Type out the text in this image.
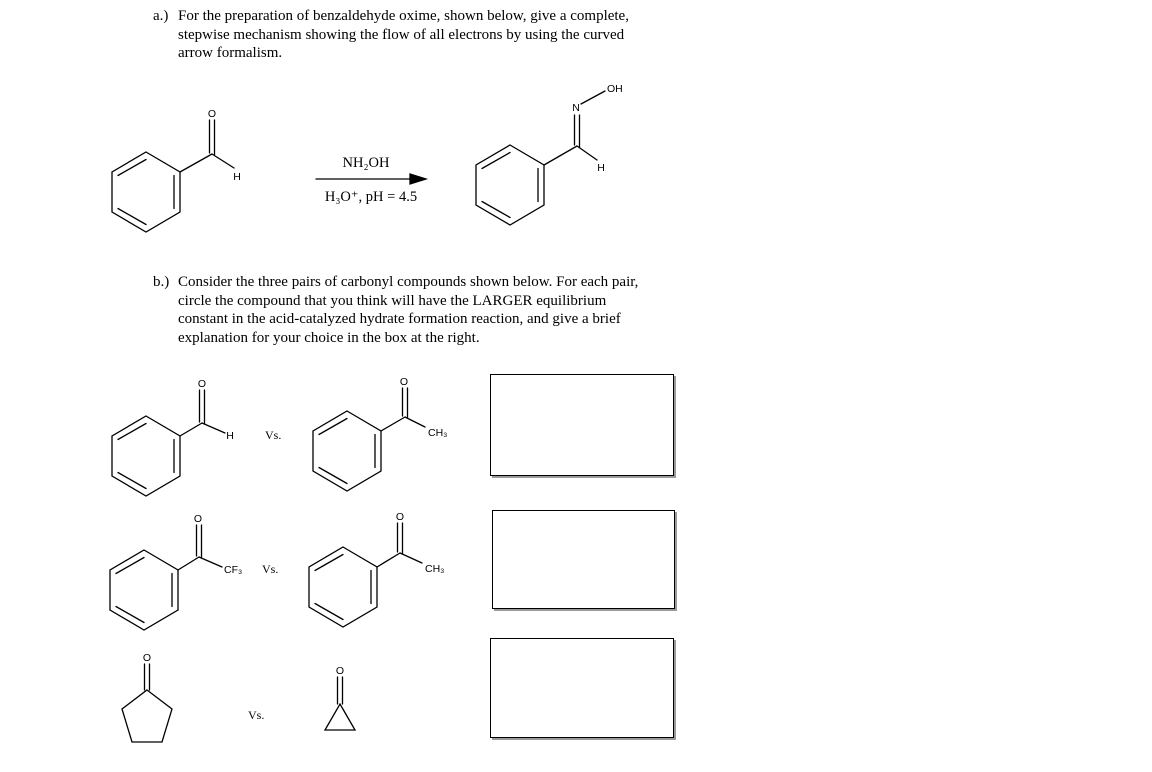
a.) For the preparation of benzaldehyde oxime, shown below, give a complete,
stepwise mechanism showing the flow of all electrons by using the curved
arrow formalism.
b.) Consider the three pairs of carbonyl compounds shown below. For each pair,
circle the compound that you think will have the LARGER equilibrium
constant in the acid-catalyzed hydrate formation reaction, and give a brief
explanation for your choice in the box at the right.
O
H
NH₂OH
H₃O⁺, pH = 4.5
N
OH
H
O
H	Vs.
O
CH₃
O
CF₃ Vs.
O
CH₃
O
Vs.
O
